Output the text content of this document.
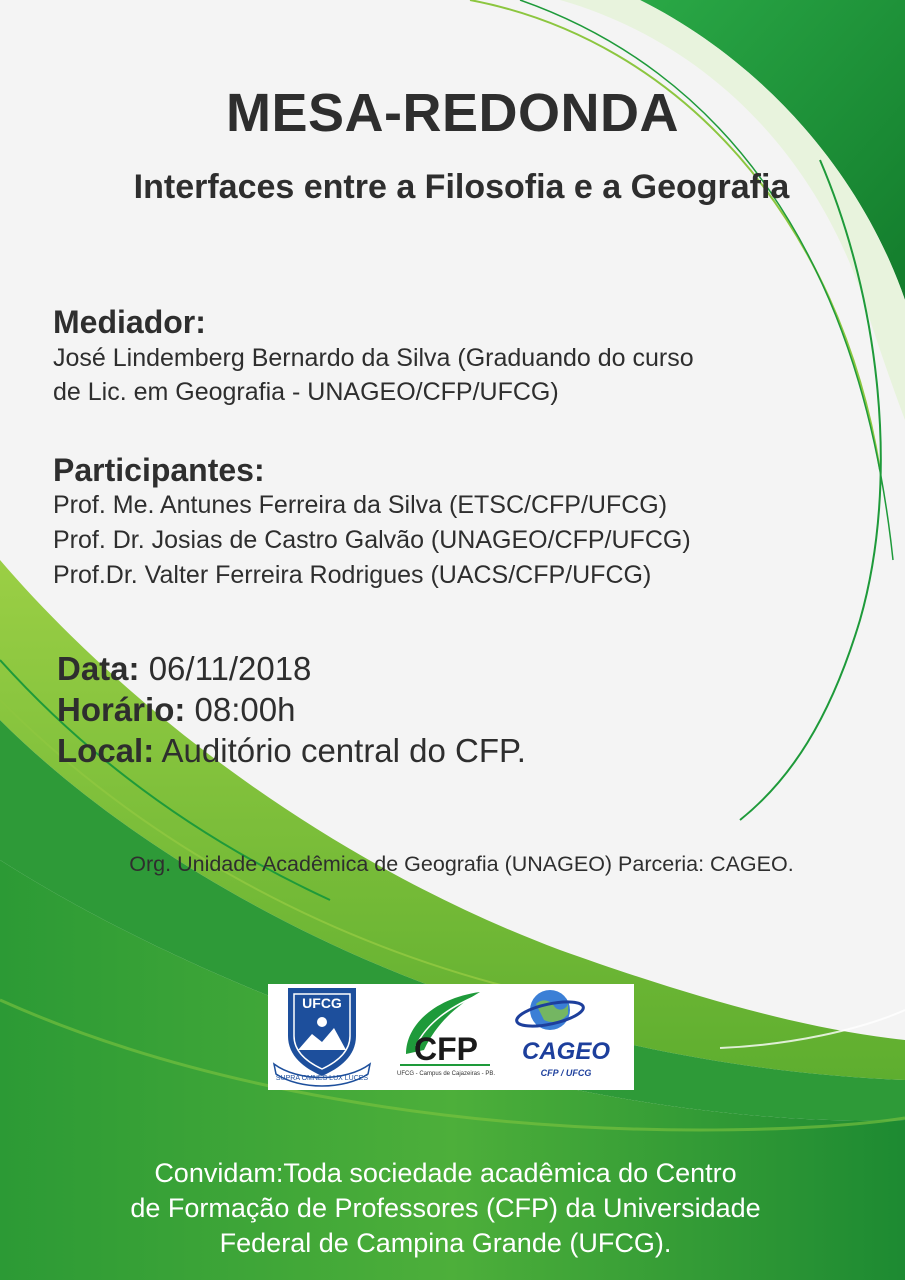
MESA-REDONDA
Interfaces entre a Filosofia e a Geografia
Mediador:
José Lindemberg Bernardo da Silva (Graduando do curso
de Lic. em Geografia - UNAGEO/CFP/UFCG)
Participantes:
Prof. Me. Antunes Ferreira da Silva (ETSC/CFP/UFCG)
Prof. Dr. Josias de Castro Galvão (UNAGEO/CFP/UFCG)
Prof.Dr. Valter Ferreira Rodrigues (UACS/CFP/UFCG)
Data: 06/11/2018
Horário: 08:00h
Local: Auditório central do CFP.
Org. Unidade Acadêmica de Geografia (UNAGEO) Parceria: CAGEO.
UFCG
SUPRA OMNES LUX LUCES
CFP
UFCG - Campus de Cajazeiras - PB.
CAGEO
CFP / UFCG
Convidam:Toda sociedade acadêmica do Centro
de Formação de Professores (CFP) da Universidade
Federal de Campina Grande (UFCG).
